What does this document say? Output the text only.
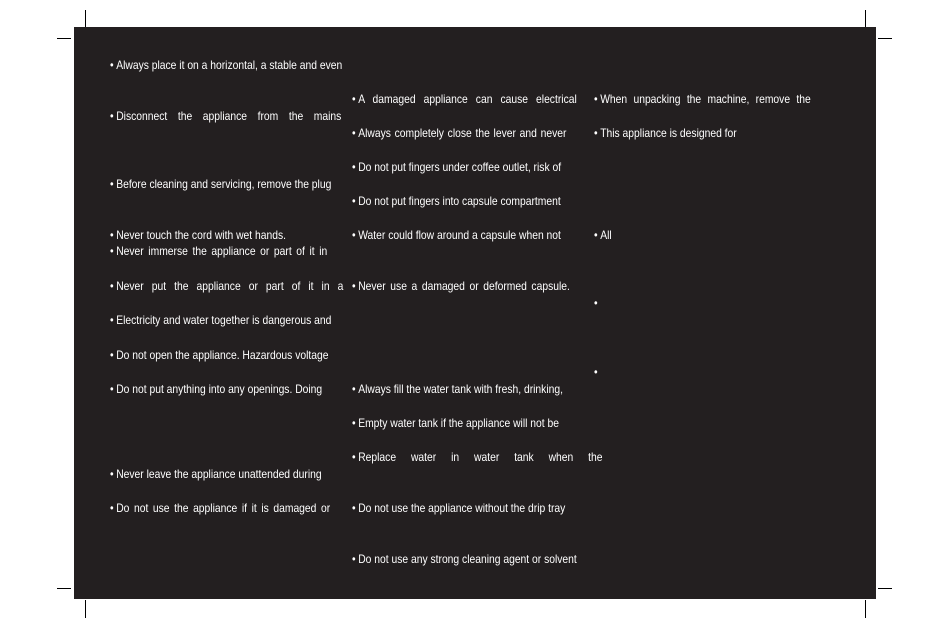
• Always place it on a horizontal, a stable and even
• Disconnect the appliance from the mains
• Before cleaning and servicing, remove the plug
• Never touch the cord with wet hands.
• Never immerse the appliance or part of it in
• Never put the appliance or part of it in a
• Electricity and water together is dangerous and
• Do not open the appliance. Hazardous voltage
• Do not put anything into any openings. Doing
• Never leave the appliance unattended during
• Do not use the appliance if it is damaged or
• A damaged appliance can cause electrical
• Always completely close the lever and never
• Do not put fingers under coffee outlet, risk of
• Do not put fingers into capsule compartment
• Water could flow around a capsule when not
• Never use a damaged or deformed capsule.
• Always fill the water tank with fresh, drinking,
• Empty water tank if the appliance will not be
• Replace water in water tank when the
• Do not use the appliance without the drip tray
• Do not use any strong cleaning agent or solvent
• When unpacking the machine, remove the
• This appliance is designed for
• All
•
•
